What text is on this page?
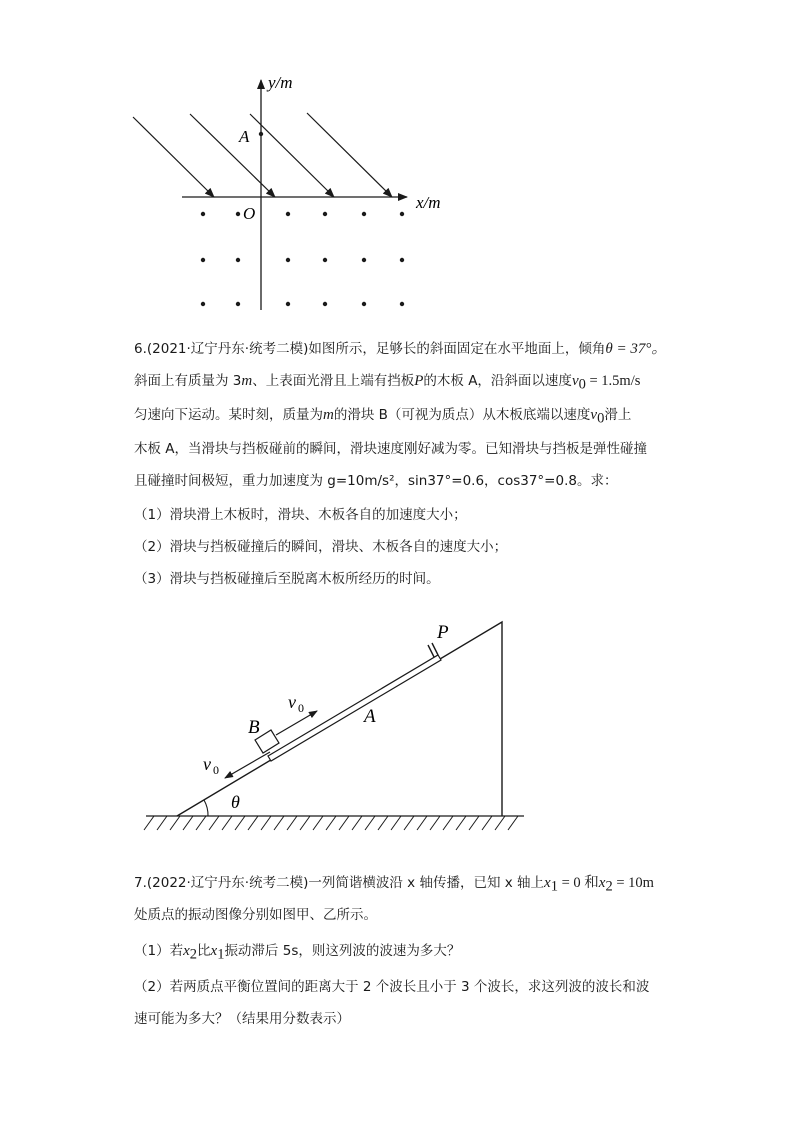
y/m
x/m
O
A
6.(2021·辽宁丹东·统考二模)如图所示，足够长的斜面固定在水平地面上，倾角θ = 37°。
斜面上有质量为 3m、上表面光滑且上端有挡板P的木板 A，沿斜面以速度$v_0 = 1.5m/s$
匀速向下运动。某时刻，质量为m的滑块 B（可视为质点）从木板底端以速度$v_0$滑上
木板 A，当滑块与挡板碰前的瞬间，滑块速度刚好减为零。已知滑块与挡板是弹性碰撞
且碰撞时间极短，重力加速度为 g=10m/s²，sin37°=0.6，cos37°=0.8。求：
（1）滑块滑上木板时，滑块、木板各自的加速度大小；
（2）滑块与挡板碰撞后的瞬间，滑块、木板各自的速度大小；
（3）滑块与挡板碰撞后至脱离木板所经历的时间。
P
v 0
B
A
v 0
θ
7.(2022·辽宁丹东·统考二模)一列简谐横波沿 x 轴传播，已知 x 轴上$x_1 = 0$ 和$x_2 = 10m$
处质点的振动图像分别如图甲、乙所示。
（1）若$x_2$比$x_1$振动滞后 5s，则这列波的波速为多大？
（2）若两质点平衡位置间的距离大于 2 个波长且小于 3 个波长，求这列波的波长和波
速可能为多大？（结果用分数表示）
